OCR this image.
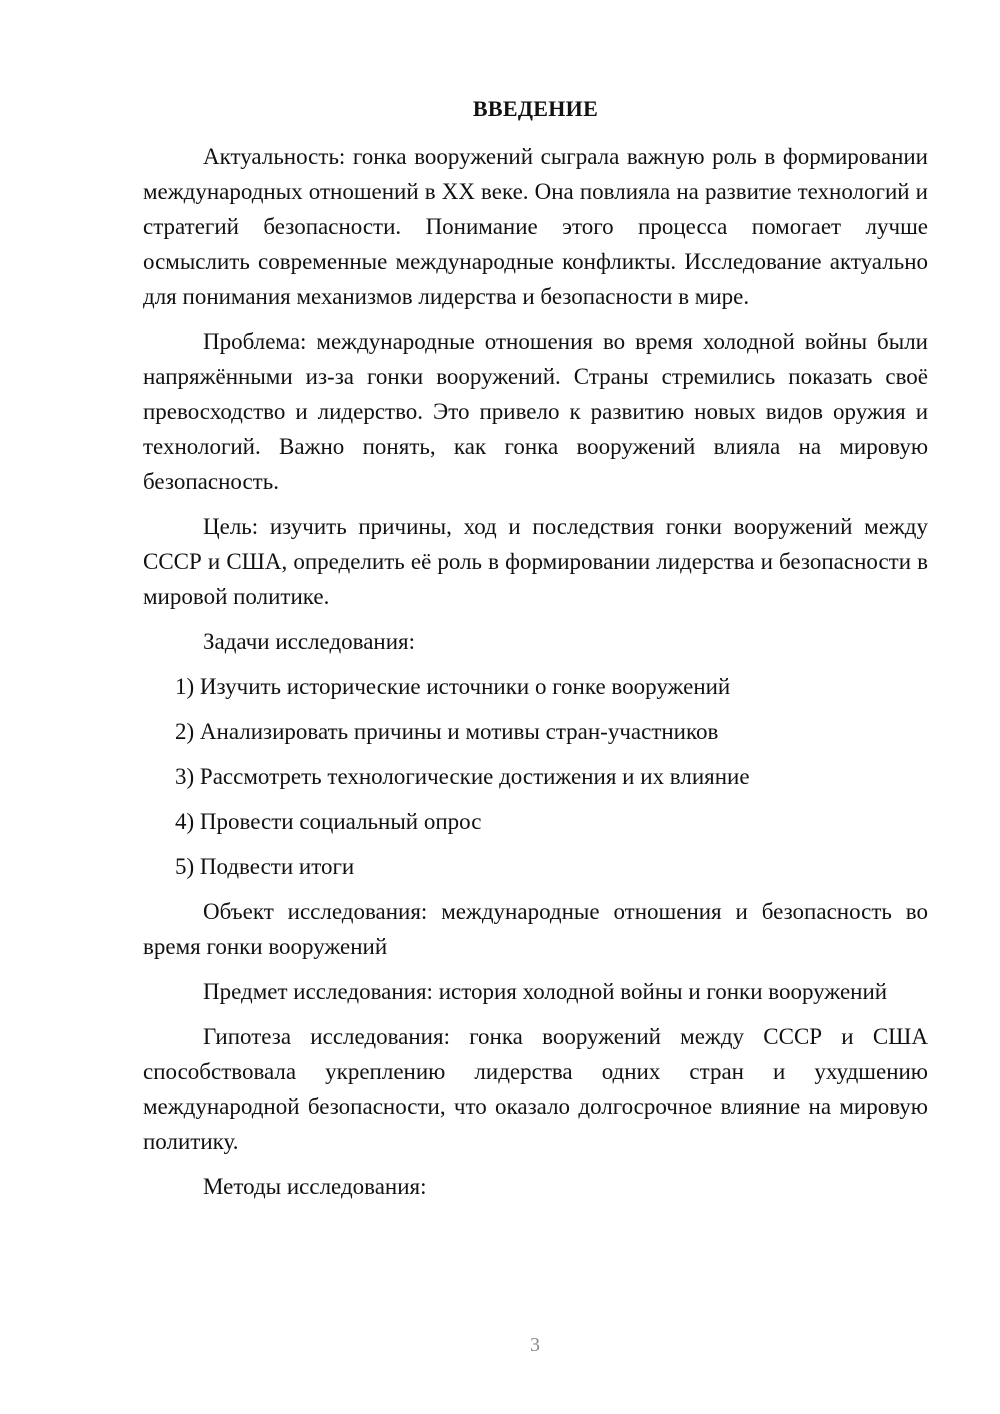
ВВЕДЕНИЕ

Актуальность: гонка вооружений сыграла важную роль в формировании международных отношений в XX веке. Она повлияла на развитие технологий и стратегий безопасности. Понимание этого процесса помогает лучше осмыслить современные международные конфликты. Исследование актуально для понимания механизмов лидерства и безопасности в мире.

Проблема: международные отношения во время холодной войны были напряжёнными из-за гонки вооружений. Страны стремились показать своё превосходство и лидерство. Это привело к развитию новых видов оружия и технологий. Важно понять, как гонка вооружений влияла на мировую безопасность.

Цель: изучить причины, ход и последствия гонки вооружений между СССР и США, определить её роль в формировании лидерства и безопасности в мировой политике.

Задачи исследования:

1) Изучить исторические источники о гонке вооружений

2) Анализировать причины и мотивы стран-участников

3) Рассмотреть технологические достижения и их влияние

4) Провести социальный опрос

5) Подвести итоги

Объект исследования: международные отношения и безопасность во время гонки вооружений

Предмет исследования: история холодной войны и гонки вооружений

Гипотеза исследования: гонка вооружений между СССР и США способствовала укреплению лидерства одних стран и ухудшению международной безопасности, что оказало долгосрочное влияние на мировую политику.

Методы исследования:

3
